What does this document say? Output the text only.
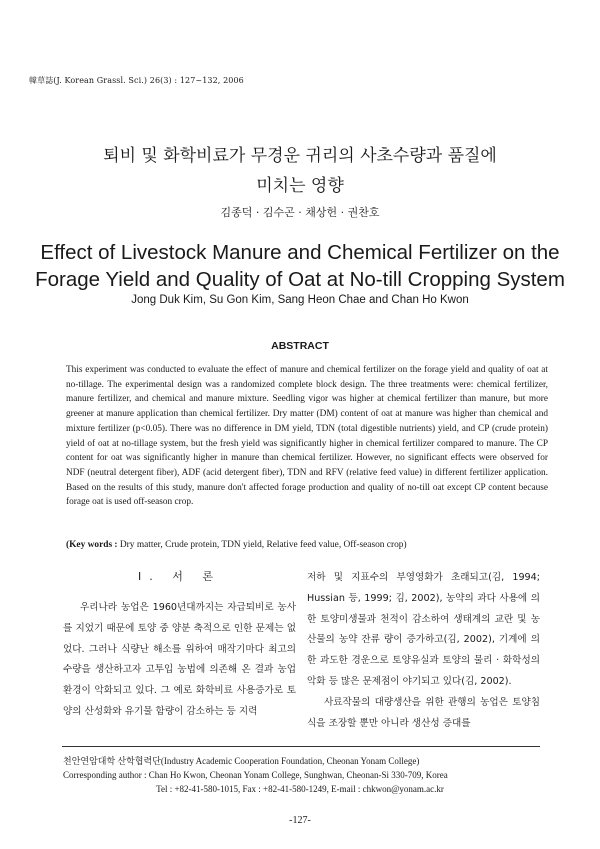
韓草誌(J. Korean Grassl. Sci.) 26(3) : 127~132, 2006
퇴비 및 화학비료가 무경운 귀리의 사초수량과 품질에
미치는 영향
김종덕 · 김수곤 · 채상헌 · 권찬호
Effect of Livestock Manure and Chemical Fertilizer on the
Forage Yield and Quality of Oat at No-till Cropping System
Jong Duk Kim, Su Gon Kim, Sang Heon Chae and Chan Ho Kwon
ABSTRACT
This experiment was conducted to evaluate the effect of manure and chemical fertilizer on the forage yield and quality of oat at no-tillage. The experimental design was a randomized complete block design. The three treatments were: chemical fertilizer, manure fertilizer, and chemical and manure mixture. Seedling vigor was higher at chemical fertilizer than manure, but more greener at manure application than chemical fertilizer. Dry matter (DM) content of oat at manure was higher than chemical and mixture fertilizer (p<0.05). There was no difference in DM yield, TDN (total digestible nutrients) yield, and CP (crude protein) yield of oat at no-tillage system, but the fresh yield was significantly higher in chemical fertilizer compared to manure. The CP content for oat was significantly higher in manure than chemical fertilizer. However, no significant effects were observed for NDF (neutral detergent fiber), ADF (acid detergent fiber), TDN and RFV (relative feed value) in different fertilizer application. Based on the results of this study, manure don't affected forage production and quality of no-till oat except CP content because forage oat is used off-season crop.
(Key words : Dry matter, Crude protein, TDN yield, Relative feed value, Off-season crop)
I. 서 론
우리나라 농업은 1960년대까지는 자급퇴비로 농사를 지었기 때문에 토양 중 양분 축적으로 인한 문제는 없었다. 그러나 식량난 해소를 위하여 매작기마다 최고의 수량을 생산하고자 고투입 농법에 의존해 온 결과 농업환경이 악화되고 있다. 그 예로 화학비료 사용증가로 토양의 산성화와 유기물 함량이 감소하는 등 지력
저하 및 지표수의 부영영화가 초래되고(김, 1994; Hussian 등, 1999; 김, 2002), 농약의 과다 사용에 의한 토양미생물과 천적이 감소하여 생태계의 교란 및 농산물의 농약 잔류 량이 증가하고(김, 2002), 기계에 의한 과도한 경운으로 토양유실과 토양의 물리 · 화학성의 악화 등 많은 문제점이 야기되고 있다(김, 2002).
사료작물의 대량생산을 위한 관행의 농업은 토양침식을 조장할 뿐만 아니라 생산성 증대를
천안연암대학 산학협력단(Industry Academic Cooperation Foundation, Cheonan Yonam College)
Corresponding author : Chan Ho Kwon, Cheonan Yonam College, Sunghwan, Cheonan-Si 330-709, Korea
Tel : +82-41-580-1015, Fax : +82-41-580-1249, E-mail : chkwon@yonam.ac.kr
-127-
